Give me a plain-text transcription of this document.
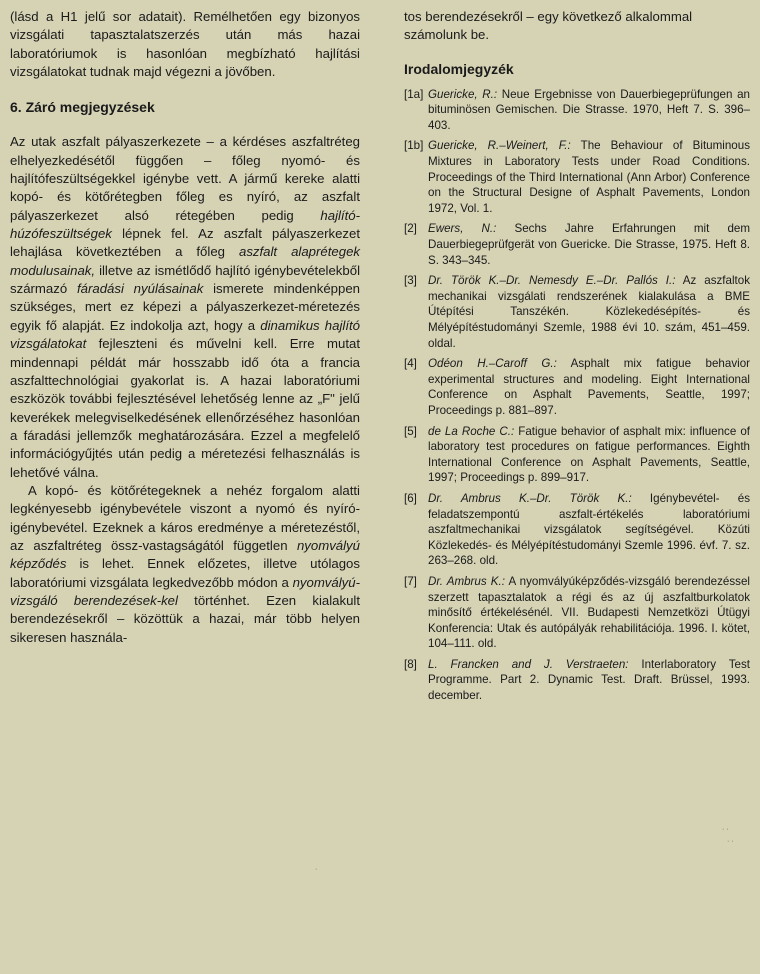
(lásd a H1 jelű sor adatait). Remélhetően egy bizonyos vizsgálati tapasztalatszerzés után más hazai laboratóriumok is hasonlóan megbízható hajlítási vizsgálatokat tudnak majd végezni a jövőben.

6. Záró megjegyzések

Az utak aszfalt pályaszerkezete – a kérdéses aszfaltréteg elhelyezkedésétől függően – főleg nyomó- és hajlítófeszültségekkel igénybe vett. A jármű kereke alatti kopó- és kötőrétegben főleg es nyíró, az aszfalt pályaszerkezet alsó rétegében pedig hajlító-húzófeszültségek lépnek fel. Az aszfalt pályaszerkezet lehajlása következtében a főleg aszfalt alaprétegek modulusainak, illetve az ismétlődő hajlító igénybevételekből származó fáradási nyúlásainak ismerete mindenképpen szükséges, mert ez képezi a pályaszerkezet-méretezés egyik fő alapját. Ez indokolja azt, hogy a dinamikus hajlító vizsgálatokat fejleszteni és művelni kell. Erre mutat mindennapi példát már hosszabb idő óta a francia aszfalttechnológiai gyakorlat is. A hazai laboratóriumi eszközök további fejlesztésével lehetőség lenne az „F" jelű keverékek melegviselkedésének ellenőrzéséhez hasonlóan a fáradási jellemzők meghatározására. Ezzel a megfelelő információgyűjtés után pedig a méretezési felhasználás is lehetővé válna.

A kopó- és kötőrétegeknek a nehéz forgalom alatti legkényesebb igénybevétele viszont a nyomó és nyíró-igénybevétel. Ezeknek a káros eredménye a méretezéstől, az aszfaltréteg össz-vastagságától független nyomvályú képződés is lehet. Ennek előzetes, illetve utólagos laboratóriumi vizsgálata legkedvezőbb módon a nyomvályú-vizsgáló berendezések-kel történhet. Ezen kialakult berendezésekről – közöttük a hazai, már több helyen sikeresen használa-

tos berendezésekről – egy következő alkalommal számolunk be.

Irodalomjegyzék
[1a] Guericke, R.: Neue Ergebnisse von Dauerbiegeprüfungen an bituminösen Gemischen. Die Strasse. 1970, Heft 7. S. 396–403.
[1b] Guericke, R.–Weinert, F.: The Behaviour of Bituminous Mixtures in Laboratory Tests under Road Conditions. Proceedings of the Third International (Ann Arbor) Conference on the Structural Designe of Asphalt Pavements, London 1972, Vol. 1.
[2] Ewers, N.: Sechs Jahre Erfahrungen mit dem Dauerbiegeprüfgerät von Guericke. Die Strasse, 1975. Heft 8. S. 343–345.
[3] Dr. Török K.–Dr. Nemesdy E.–Dr. Pallós I.: Az aszfaltok mechanikai vizsgálati rendszerének kialakulása a BME Útépítési Tanszékén. Közlekedésépítés- és Mélyépítéstudományi Szemle, 1988 évi 10. szám, 451–459. oldal.
[4] Odéon H.–Caroff G.: Asphalt mix fatigue behavior experimental structures and modeling. Eight International Conference on Asphalt Pavements, Seattle, 1997; Proceedings p. 881–897.
[5] de La Roche C.: Fatigue behavior of asphalt mix: influence of laboratory test procedures on fatigue performances. Eighth International Conference on Asphalt Pavements, Seattle, 1997; Proceedings p. 899–917.
[6] Dr. Ambrus K.–Dr. Török K.: Igénybevétel- és feladatszempontú aszfalt-értékelés laboratóriumi aszfaltmechanikai vizsgálatok segítségével. Közúti Közlekedés- és Mélyépítéstudományi Szemle 1996. évf. 7. sz. 263–268. old.
[7] Dr. Ambrus K.: A nyomvályúképződés-vizsgáló berendezéssel szerzett tapasztalatok a régi és az új aszfaltburkolatok minősítő értékelésénél. VII. Budapesti Nemzetközi Útügyi Konferencia: Utak és autópályák rehabilitációja. 1996. I. kötet, 104–111. old.
[8] L. Francken and J. Verstraeten: Interlaboratory Test Programme. Part 2. Dynamic Test. Draft. Brüssel, 1993. december.
· ·
· ·
·
